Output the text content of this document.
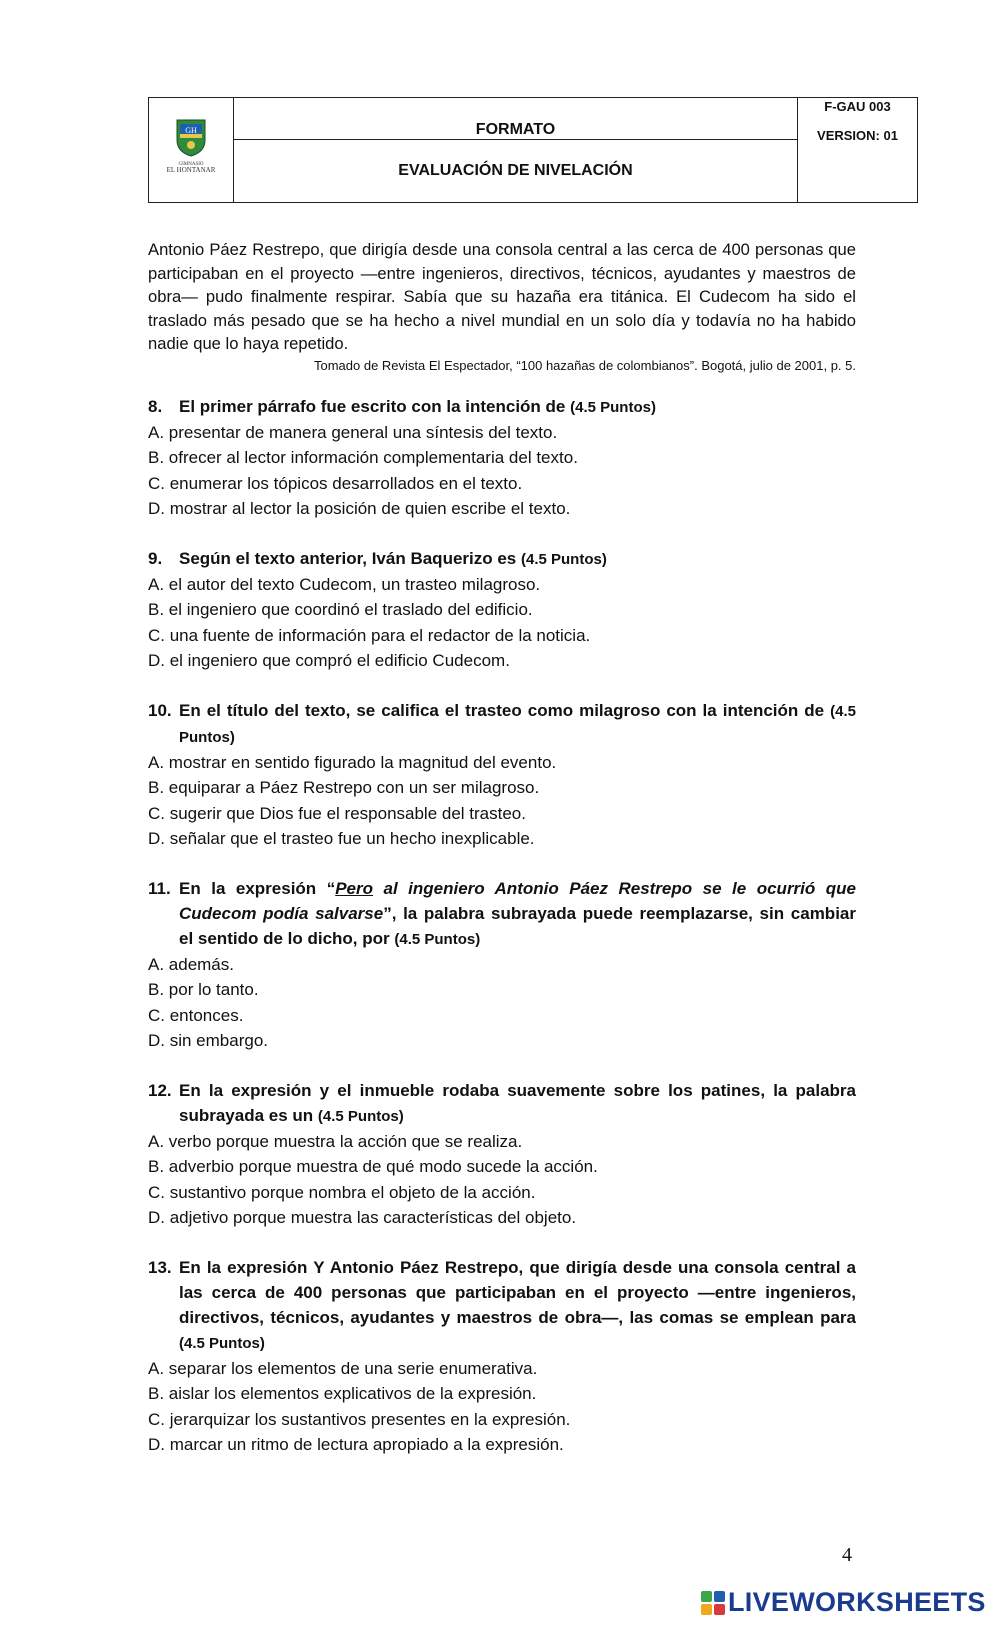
GH
GIMNASIO
EL HONTANAR
FORMATO
EVALUACIÓN DE NIVELACIÓN
F-GAU 003
VERSION: 01

Antonio Páez Restrepo, que dirigía desde una consola central a las cerca de 400 personas que participaban en el proyecto —entre ingenieros, directivos, técnicos, ayudantes y maestros de obra— pudo finalmente respirar. Sabía que su hazaña era titánica. El Cudecom ha sido el traslado más pesado que se ha hecho a nivel mundial en un solo día y todavía no ha habido nadie que lo haya repetido.

Tomado de Revista El Espectador, “100 hazañas de colombianos”. Bogotá, julio de 2001, p. 5.

8. El primer párrafo fue escrito con la intención de (4.5 Puntos)
A. presentar de manera general una síntesis del texto.
B. ofrecer al lector información complementaria del texto.
C. enumerar los tópicos desarrollados en el texto.
D. mostrar al lector la posición de quien escribe el texto.
9. Según el texto anterior, Iván Baquerizo es (4.5 Puntos)
A. el autor del texto Cudecom, un trasteo milagroso.
B. el ingeniero que coordinó el traslado del edificio.
C. una fuente de información para el redactor de la noticia.
D. el ingeniero que compró el edificio Cudecom.
10. En el título del texto, se califica el trasteo como milagroso con la intención de (4.5 Puntos)
A. mostrar en sentido figurado la magnitud del evento.
B. equiparar a Páez Restrepo con un ser milagroso.
C. sugerir que Dios fue el responsable del trasteo.
D. señalar que el trasteo fue un hecho inexplicable.
11. En la expresión “Pero al ingeniero Antonio Páez Restrepo se le ocurrió que Cudecom podía salvarse”, la palabra subrayada puede reemplazarse, sin cambiar el sentido de lo dicho, por (4.5 Puntos)
A. además.
B. por lo tanto.
C. entonces.
D. sin embargo.
12. En la expresión y el inmueble rodaba suavemente sobre los patines, la palabra subrayada es un (4.5 Puntos)
A. verbo porque muestra la acción que se realiza.
B. adverbio porque muestra de qué modo sucede la acción.
C. sustantivo porque nombra el objeto de la acción.
D. adjetivo porque muestra las características del objeto.
13. En la expresión Y Antonio Páez Restrepo, que dirigía desde una consola central a las cerca de 400 personas que participaban en el proyecto —entre ingenieros, directivos, técnicos, ayudantes y maestros de obra—, las comas se emplean para (4.5 Puntos)
A. separar los elementos de una serie enumerativa.
B. aislar los elementos explicativos de la expresión.
C. jerarquizar los sustantivos presentes en la expresión.
D. marcar un ritmo de lectura apropiado a la expresión.
4
LIVEWORKSHEETS
